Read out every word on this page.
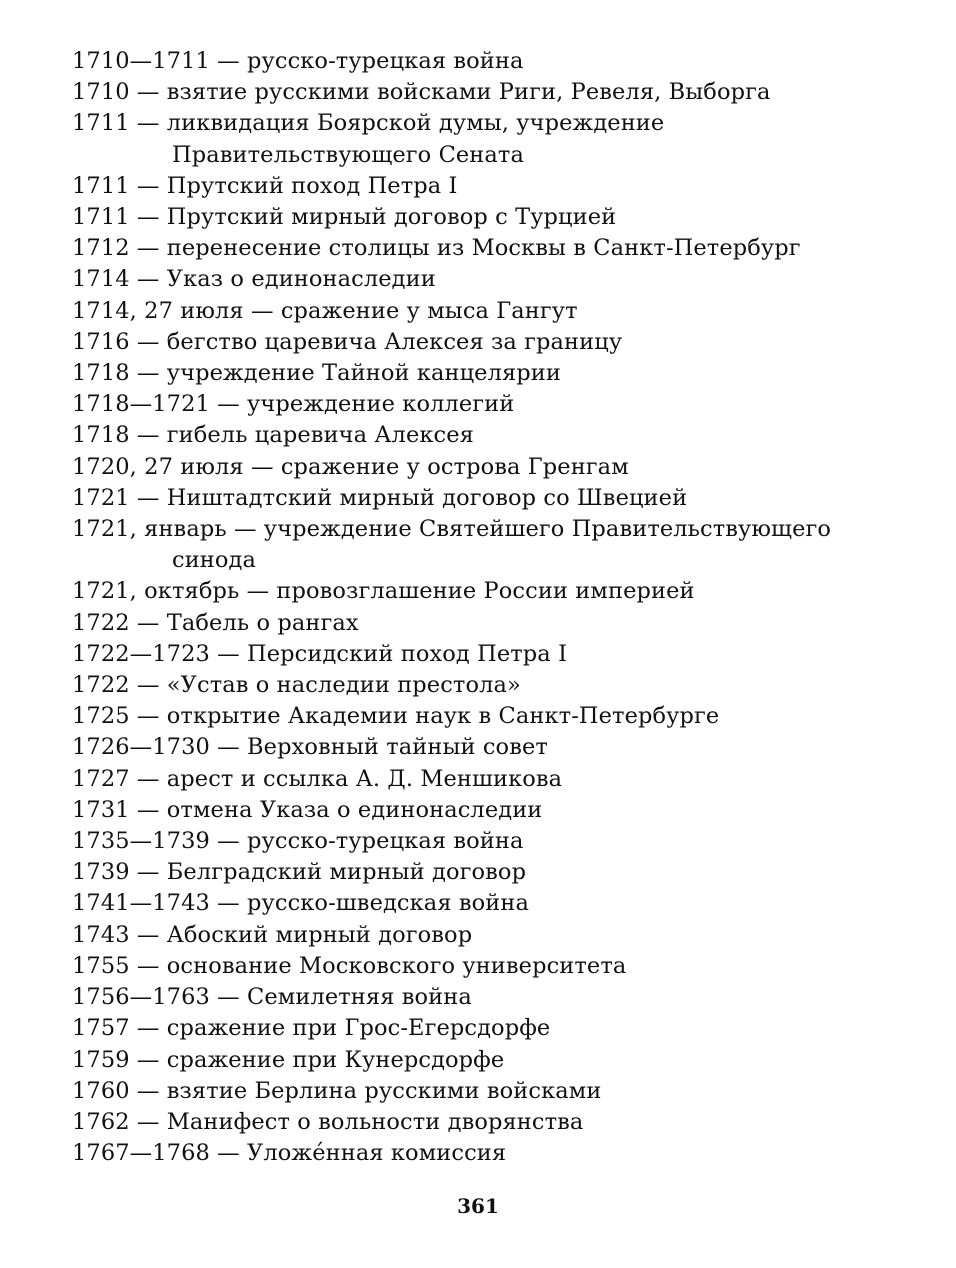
1710—1711 — русско-турецкая война
1710 — взятие русскими войсками Риги, Ревеля, Выборга
1711 — ликвидация Боярской думы, учреждение Правительствующего Сената
1711 — Прутский поход Петра I
1711 — Прутский мирный договор с Турцией
1712 — перенесение столицы из Москвы в Санкт-Петербург
1714 — Указ о единонаследии
1714, 27 июля — сражение у мыса Гангут
1716 — бегство царевича Алексея за границу
1718 — учреждение Тайной канцелярии
1718—1721 — учреждение коллегий
1718 — гибель царевича Алексея
1720, 27 июля — сражение у острова Гренгам
1721 — Ништадтский мирный договор со Швецией
1721, январь — учреждение Святейшего Правительствующего синода
1721, октябрь — провозглашение России империей
1722 — Табель о рангах
1722—1723 — Персидский поход Петра I
1722 — «Устав о наследии престола»
1725 — открытие Академии наук в Санкт-Петербурге
1726—1730 — Верховный тайный совет
1727 — арест и ссылка А. Д. Меншикова
1731 — отмена Указа о единонаследии
1735—1739 — русско-турецкая война
1739 — Белградский мирный договор
1741—1743 — русско-шведская война
1743 — Абоский мирный договор
1755 — основание Московского университета
1756—1763 — Семилетняя война
1757 — сражение при Грос-Егерсдорфе
1759 — сражение при Кунерсдорфе
1760 — взятие Берлина русскими войсками
1762 — Манифест о вольности дворянства
1767—1768 — Уложе́нная комиссия
361
